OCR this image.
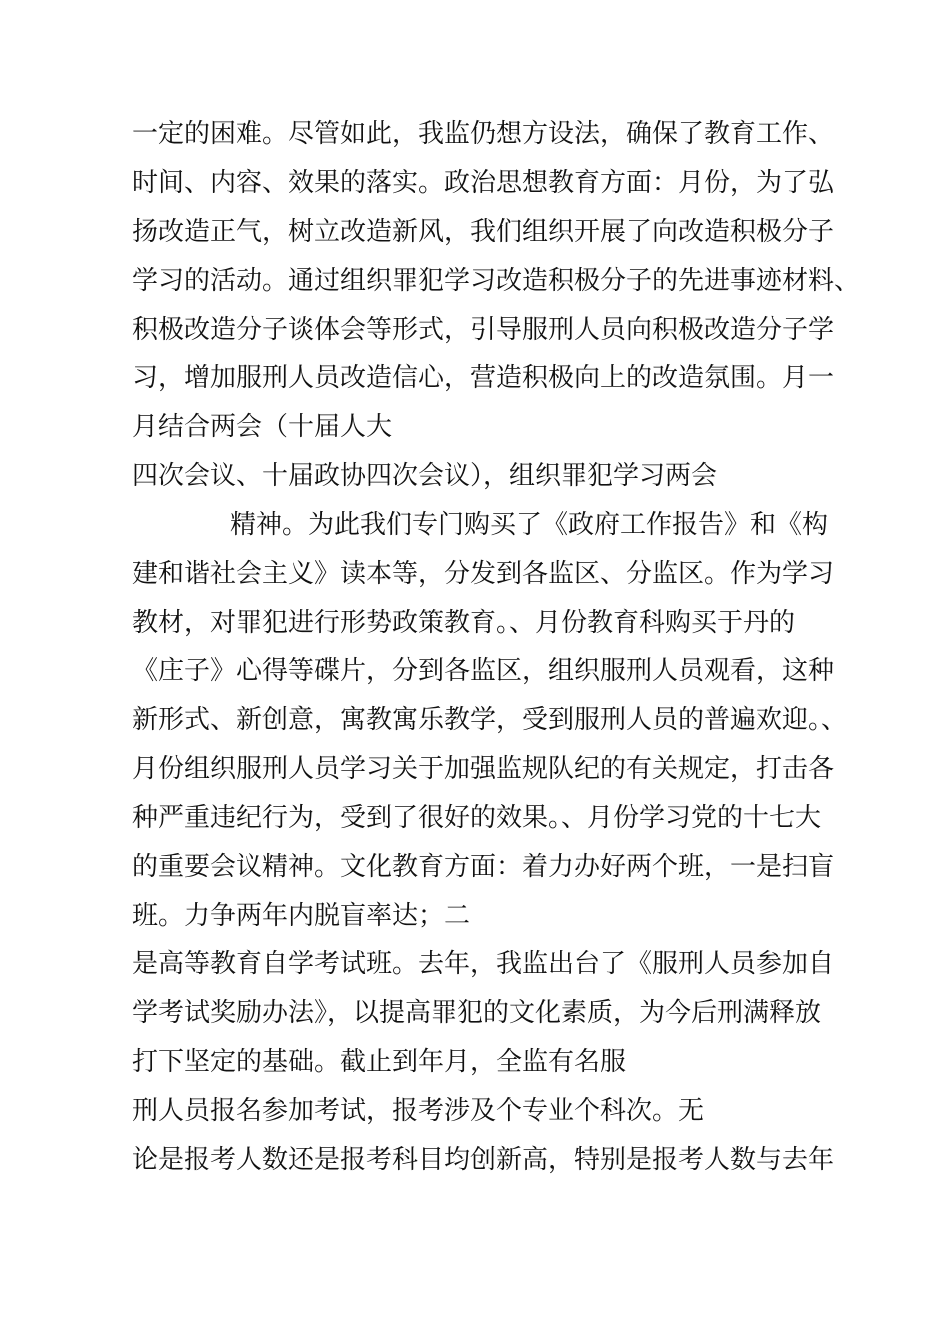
一定的困难。尽管如此，我监仍想方设法，确保了教育工作、
时间、内容、效果的落实。政治思想教育方面：月份，为了弘
扬改造正气，树立改造新风，我们组织开展了向改造积极分子
学习的活动。通过组织罪犯学习改造积极分子的先进事迹材料、
积极改造分子谈体会等形式，引导服刑人员向积极改造分子学
习，增加服刑人员改造信心，营造积极向上的改造氛围。月一
月结合两会（十届人大
四次会议、十届政协四次会议），组织罪犯学习两会
精神。为此我们专门购买了《政府工作报告》和《构
建和谐社会主义》读本等，分发到各监区、分监区。作为学习
教材，对罪犯进行形势政策教育。、月份教育科购买于丹的
《庄子》心得等碟片，分到各监区，组织服刑人员观看，这种
新形式、新创意，寓教寓乐教学，受到服刑人员的普遍欢迎。、
月份组织服刑人员学习关于加强监规队纪的有关规定，打击各
种严重违纪行为，受到了很好的效果。、月份学习党的十七大
的重要会议精神。文化教育方面：着力办好两个班，一是扫盲
班。力争两年内脱盲率达；二
是高等教育自学考试班。去年，我监出台了《服刑人员参加自
学考试奖励办法》，以提高罪犯的文化素质，为今后刑满释放
打下坚定的基础。截止到年月，全监有名服
刑人员报名参加考试，报考涉及个专业个科次。无
论是报考人数还是报考科目均创新高，特别是报考人数与去年
